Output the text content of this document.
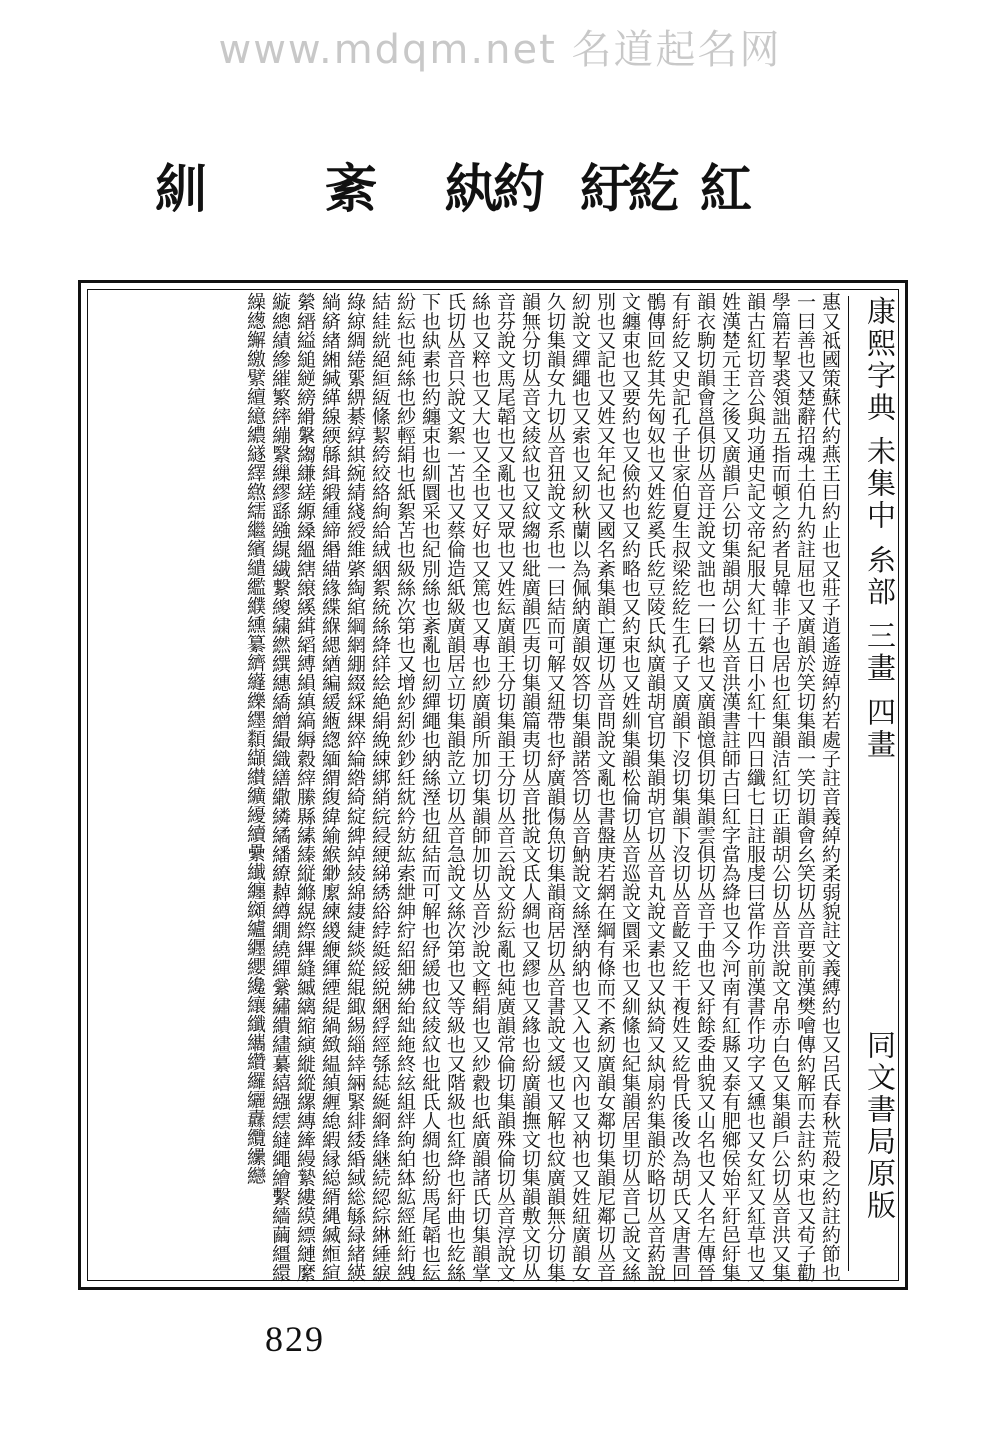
www.mdqm.net 名道起名网
紅
紆紇
紈約
紊
紃
康熙字典 未集中 糸部 三畫 四畫
同文書局原版
惠又祗國策蘇代約燕王曰約止也又莊子逍遙遊綽約若處子註音義綽約柔弱貌註文義縛約也又呂氏春秋荒殺之約註約節也一曰善也又楚辭招魂土伯九約註屈也又廣韻於笑切集韻一笑切韻會幺笑切丛音要前漢樊噲傳約解而去註約束也又荀子勸學篇若挈裘領詘五指而頓之約者見韓非子也居也紅集韻洁紅切正韻胡公切丛音洪說文帛赤白色又集韻戶公切丛音洪又集韻古紅切音公與功通史記文帝紀服大紅十五日小紅十四日纖七日註服虔曰當作功前漢書作功字又纁也又女紅又紅草也又姓漢楚元王之後又廣韻戶公切集韻胡公切丛音洪漢書註師古曰紅字當為絳也又今河南有紅縣又泰有肥鄉侯始平紆邑紆集韻衣駒切韻會邕俱切丛音迂說文詘也一曰縈也又廣韻憶俱切集韻雲俱切丛音于曲也又紆餘委曲貌又山名也又人名左傳晉有紆紇又史記孔子世家伯夏生叔梁紇紇生孔子又廣韻下沒切集韻下沒切丛音齕又紇干複姓又紇骨氏後改為胡氏又唐書回鶻傳回紇其先匈奴也又姓紇奚氏紇豆陵氏紈廣韻胡官切集韻胡官切丛音丸說文素也又紈綺又紈扇約集韻於略切丛音葯說文纏束也又要約也又儉約也又約略也又約束也又姓紃集韻松倫切丛音巡說文圜采也又紃絛也紀集韻居里切丛音己說文絲別也又記也又姓又年紀也又國名紊集韻亡運切丛音問說文亂也書盤庚若網在綱有條而不紊紉廣韻女鄰切集韻尼鄰切丛音紉說文繟繩也又索也又紉秋蘭以為佩納廣韻奴答切集韻諾答切丛音魶說文絲溼納納也又入也又內也又衲也又姓紐廣韻女久切集韻女九切丛音狃說文系也一曰結而可解又紐帶也紓廣韻傷魚切集韻商居切丛音書說文緩也又解也紋廣韻無分切集韻無分切丛音文綾紋也又紋縐也紕廣韻匹夷切集韻篇夷切丛音批說文氐人綢也又繆也又緣也紛廣韻撫文切集韻敷文切丛音芬說文馬尾韜也又亂也又眾也又姓紜廣韻王分切集韻王分切丛音云說文紛紜亂也純廣韻常倫切集韻殊倫切丛音淳說文絲也又粹也又大也又全也又好也又篤也又專也紗廣韻所加切集韻師加切丛音沙說文輕絹也又紗縠也紙廣韻諸氏切集韻掌氏切丛音只說文絮一苫也又蔡倫造紙級廣韻居立切集韻訖立切丛音急說文絲次第也又等級也又階級也紅絳也紆曲也紇絲下也紈素也約纏束也紃圜采也紀別絲也紊亂也紉繟繩也納絲溼也紐結而可解也紓緩也紋綾紋也紕氐人綢也紛馬尾韜也紜紛紜也純絲也紗輕絹也紙絮苫也級絲次第也又增紗紖紗鈔紝紞紟紡紘索紲紳紵紹細紼紿絀絁終絃組絆絇絈絊絋經絍絎絏結絓絖絕絙絚絛絜絝絞絡絢給絨絪絮統絲絳絴絵絶絹絻綀綁綃綄綅綆綈綉綌綍綎綏綐綑綒經綔綕綖綗綘継続綛綜綝綞綟綠綡綢綣綤綥綦綧綨綩綪綫綬維綮綯綰綱網綳綴綵綶綷綸綹綺綻綼綽綾綿緀緁緂緃緄緅緆緇緈緉緊緋緌緍緎総緐緑緒緓緔緕緖緗緘緙線緛緜緝緞緟締緡緢緣緤緥緦緧編緩緪緫緬緭緮緯緰緱緲緳練緵緶緷緸緹緺緻緼緽緾緿縀縁縂縃縄縅縆縇縈縉縊縋縌縍縎縏縐縑縒縓縔縕縖縗縘縙縚縛縜縝縞縟縠縡縢縣縤縥縦縧縨縩縪縫縬縭縮縯縰縱縲縳縴縵縶縷縸縹縺縻縼總績縿繀繁繂繃繄繅繆繇繈繉繊繋繌繍繎繏繐繑繒繓織繕繖繗繘繙繚繛繜繝繞繟繠繡繢繣繤繥繦繧繨繩繪繫繬繭繮繯繰繱繲繳繴繵繶繷繸繹繺繻繼繽繾繿纀纁纂纃纄纅纆纇纈纉纊纋續纍纎纏纐纑纒纓纔纕纖纗纘纙纚纛纜纝纞
829
